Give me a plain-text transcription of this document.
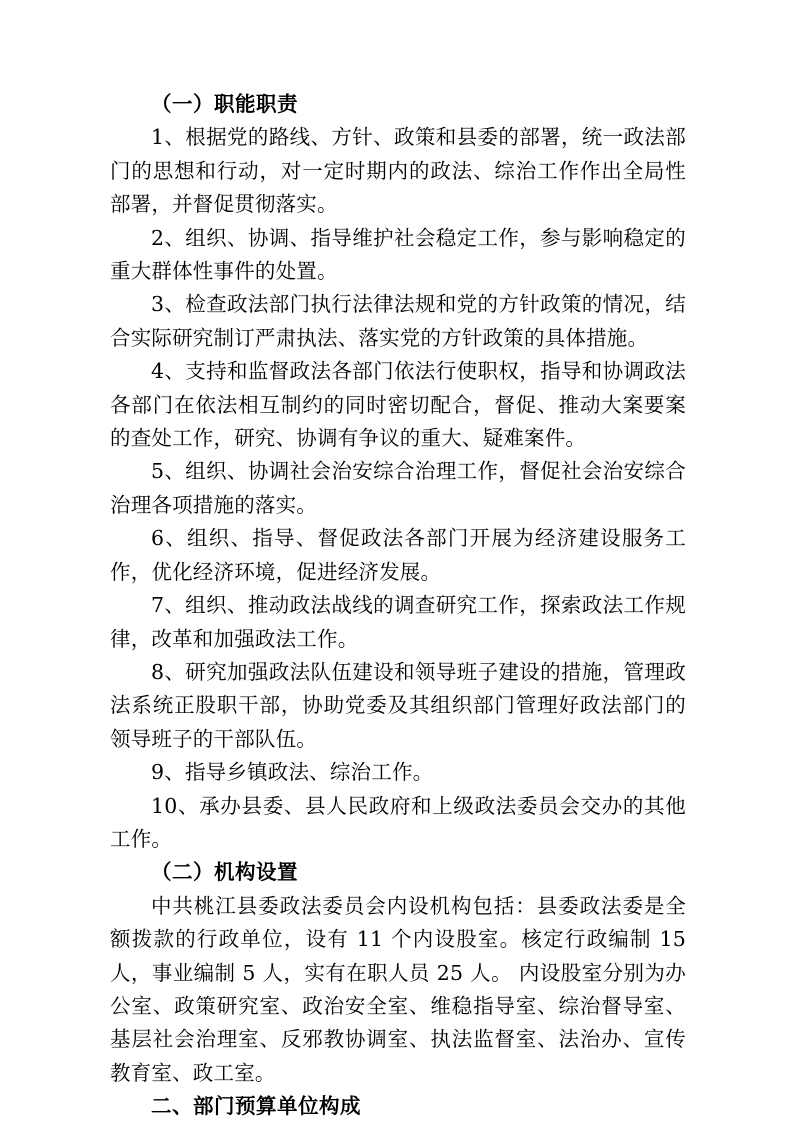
（一）职能职责

1、根据党的路线、方针、政策和县委的部署，统一政法部门的思想和行动，对一定时期内的政法、综治工作作出全局性部署，并督促贯彻落实。

2、组织、协调、指导维护社会稳定工作，参与影响稳定的重大群体性事件的处置。

3、检查政法部门执行法律法规和党的方针政策的情况，结合实际研究制订严肃执法、落实党的方针政策的具体措施。

4、支持和监督政法各部门依法行使职权，指导和协调政法各部门在依法相互制约的同时密切配合，督促、推动大案要案的查处工作，研究、协调有争议的重大、疑难案件。

5、组织、协调社会治安综合治理工作，督促社会治安综合治理各项措施的落实。

6、组织、指导、督促政法各部门开展为经济建设服务工作，优化经济环境，促进经济发展。

7、组织、推动政法战线的调查研究工作，探索政法工作规律，改革和加强政法工作。

8、研究加强政法队伍建设和领导班子建设的措施，管理政法系统正股职干部，协助党委及其组织部门管理好政法部门的领导班子的干部队伍。

9、指导乡镇政法、综治工作。

10、承办县委、县人民政府和上级政法委员会交办的其他工作。

（二）机构设置

中共桃江县委政法委员会内设机构包括：县委政法委是全额拨款的行政单位，设有 11 个内设股室。核定行政编制 15 人，事业编制 5 人，实有在职人员 25 人。 内设股室分别为办公室、政策研究室、政治安全室、维稳指导室、综治督导室、基层社会治理室、反邪教协调室、执法监督室、法治办、宣传教育室、政工室。

二、部门预算单位构成
